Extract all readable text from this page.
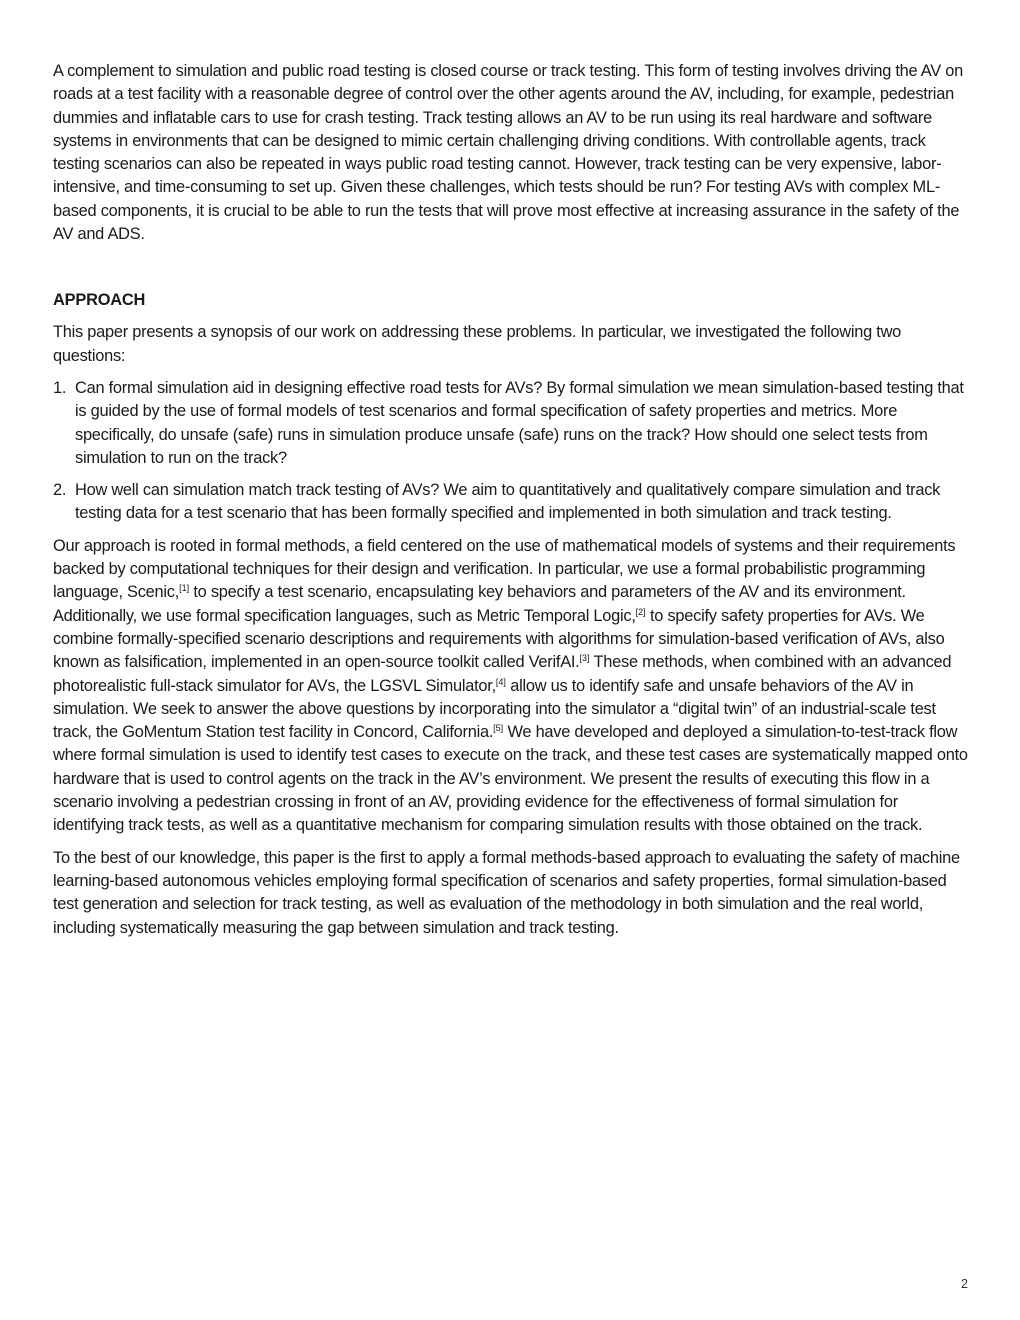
A complement to simulation and public road testing is closed course or track testing. This form of testing involves driving the AV on roads at a test facility with a reasonable degree of control over the other agents around the AV, including, for example, pedestrian dummies and inflatable cars to use for crash testing. Track testing allows an AV to be run using its real hardware and software systems in environments that can be designed to mimic certain challenging driving conditions. With controllable agents, track testing scenarios can also be repeated in ways public road testing cannot. However, track testing can be very expensive, labor-intensive, and time-consuming to set up. Given these challenges, which tests should be run? For testing AVs with complex ML-based components, it is crucial to be able to run the tests that will prove most effective at increasing assurance in the safety of the AV and ADS.

APPROACH

This paper presents a synopsis of our work on addressing these problems. In particular, we investigated the following two questions:

1. Can formal simulation aid in designing effective road tests for AVs? By formal simulation we mean simulation-based testing that is guided by the use of formal models of test scenarios and formal specification of safety properties and metrics. More specifically, do unsafe (safe) runs in simulation produce unsafe (safe) runs on the track? How should one select tests from simulation to run on the track?
2. How well can simulation match track testing of AVs? We aim to quantitatively and qualitatively compare simulation and track testing data for a test scenario that has been formally specified and implemented in both simulation and track testing.

Our approach is rooted in formal methods, a field centered on the use of mathematical models of systems and their requirements backed by computational techniques for their design and verification. In particular, we use a formal probabilistic programming language, Scenic,[1] to specify a test scenario, encapsulating key behaviors and parameters of the AV and its environment. Additionally, we use formal specification languages, such as Metric Temporal Logic,[2] to specify safety properties for AVs. We combine formally-specified scenario descriptions and requirements with algorithms for simulation-based verification of AVs, also known as falsification, implemented in an open-source toolkit called VerifAI.[3] These methods, when combined with an advanced photorealistic full-stack simulator for AVs, the LGSVL Simulator,[4] allow us to identify safe and unsafe behaviors of the AV in simulation. We seek to answer the above questions by incorporating into the simulator a “digital twin” of an industrial-scale test track, the GoMentum Station test facility in Concord, California.[5] We have developed and deployed a simulation-to-test-track flow where formal simulation is used to identify test cases to execute on the track, and these test cases are systematically mapped onto hardware that is used to control agents on the track in the AV’s environment. We present the results of executing this flow in a scenario involving a pedestrian crossing in front of an AV, providing evidence for the effectiveness of formal simulation for identifying track tests, as well as a quantitative mechanism for comparing simulation results with those obtained on the track.

To the best of our knowledge, this paper is the first to apply a formal methods-based approach to evaluating the safety of machine learning-based autonomous vehicles employing formal specification of scenarios and safety properties, formal simulation-based test generation and selection for track testing, as well as evaluation of the methodology in both simulation and the real world, including systematically measuring the gap between simulation and track testing.

2
